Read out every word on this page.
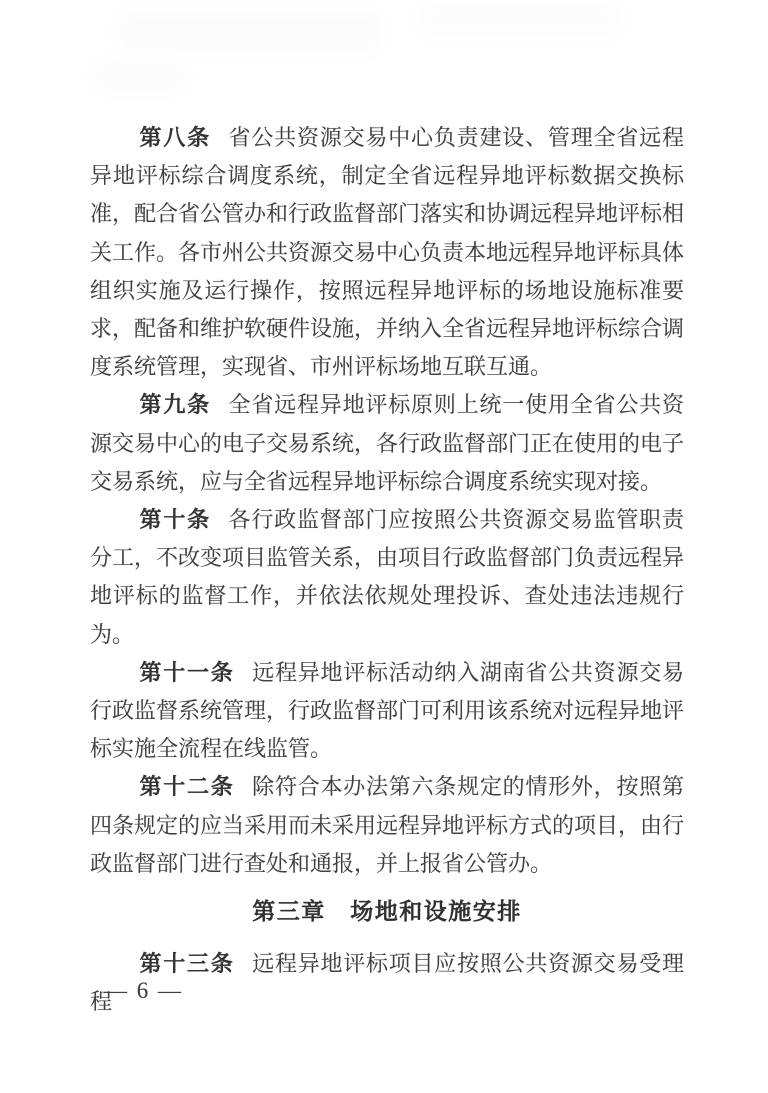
第八条 省公共资源交易中心负责建设、管理全省远程异地评标综合调度系统，制定全省远程异地评标数据交换标准，配合省公管办和行政监督部门落实和协调远程异地评标相关工作。各市州公共资源交易中心负责本地远程异地评标具体组织实施及运行操作，按照远程异地评标的场地设施标准要求，配备和维护软硬件设施，并纳入全省远程异地评标综合调度系统管理，实现省、市州评标场地互联互通。

第九条 全省远程异地评标原则上统一使用全省公共资源交易中心的电子交易系统，各行政监督部门正在使用的电子交易系统，应与全省远程异地评标综合调度系统实现对接。

第十条 各行政监督部门应按照公共资源交易监管职责分工，不改变项目监管关系，由项目行政监督部门负责远程异地评标的监督工作，并依法依规处理投诉、查处违法违规行为。

第十一条 远程异地评标活动纳入湖南省公共资源交易行政监督系统管理，行政监督部门可利用该系统对远程异地评标实施全流程在线监管。

第十二条 除符合本办法第六条规定的情形外，按照第四条规定的应当采用而未采用远程异地评标方式的项目，由行政监督部门进行查处和通报，并上报省公管办。

第三章　场地和设施安排

第十三条 远程异地评标项目应按照公共资源交易受理程

— 6 —
